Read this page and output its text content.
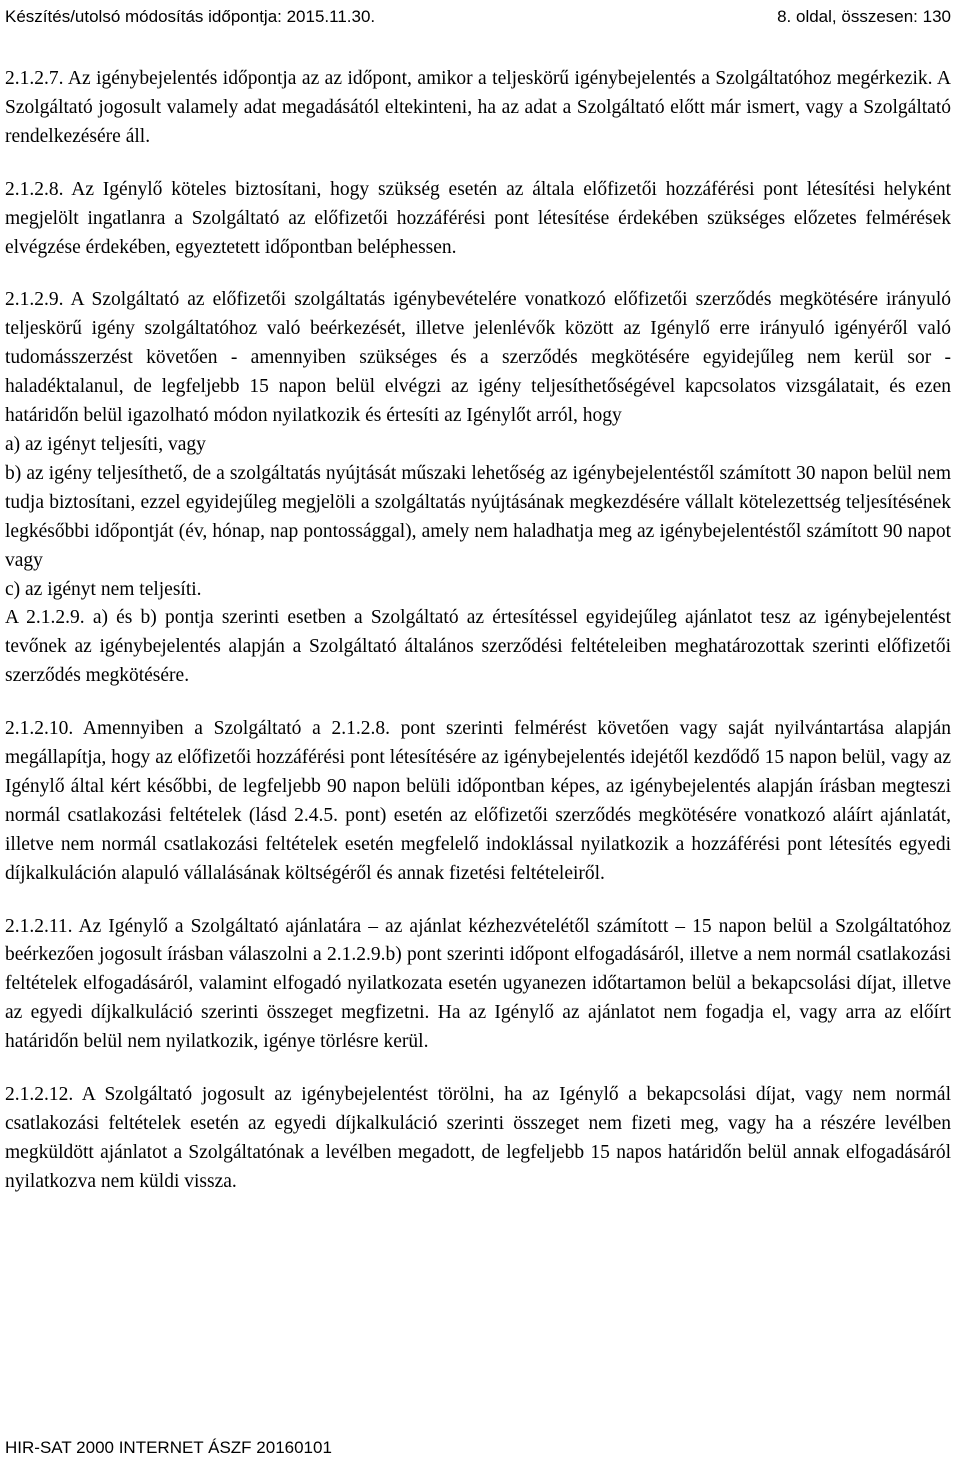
Készítés/utolsó módosítás időpontja: 2015.11.30.	8. oldal, összesen: 130

2.1.2.7. Az igénybejelentés időpontja az az időpont, amikor a teljeskörű igénybejelentés a Szolgáltatóhoz megérkezik. A Szolgáltató jogosult valamely adat megadásától eltekinteni, ha az adat a Szolgáltató előtt már ismert, vagy a Szolgáltató rendelkezésére áll.

2.1.2.8. Az Igénylő köteles biztosítani, hogy szükség esetén az általa előfizetői hozzáférési pont létesítési helyként megjelölt ingatlanra a Szolgáltató az előfizetői hozzáférési pont létesítése érdekében szükséges előzetes felmérések elvégzése érdekében, egyeztetett időpontban beléphessen.

2.1.2.9. A Szolgáltató az előfizetői szolgáltatás igénybevételére vonatkozó előfizetői szerződés megkötésére irányuló teljeskörű igény szolgáltatóhoz való beérkezését, illetve jelenlévők között az Igénylő erre irányuló igényéről való tudomásszerzést követően - amennyiben szükséges és a szerződés megkötésére egyidejűleg nem kerül sor - haladéktalanul, de legfeljebb 15 napon belül elvégzi az igény teljesíthetőségével kapcsolatos vizsgálatait, és ezen határidőn belül igazolható módon nyilatkozik és értesíti az Igénylőt arról, hogy

a) az igényt teljesíti, vagy

b) az igény teljesíthető, de a szolgáltatás nyújtását műszaki lehetőség az igénybejelentéstől számított 30 napon belül nem tudja biztosítani, ezzel egyidejűleg megjelöli a szolgáltatás nyújtásának megkezdésére vállalt kötelezettség teljesítésének legkésőbbi időpontját (év, hónap, nap pontossággal), amely nem haladhatja meg az igénybejelentéstől számított 90 napot vagy

c) az igényt nem teljesíti.

A 2.1.2.9. a) és b) pontja szerinti esetben a Szolgáltató az értesítéssel egyidejűleg ajánlatot tesz az igénybejelentést tevőnek az igénybejelentés alapján a Szolgáltató általános szerződési feltételeiben meghatározottak szerinti előfizetői szerződés megkötésére.

2.1.2.10. Amennyiben a Szolgáltató a 2.1.2.8. pont szerinti felmérést követően vagy saját nyilvántartása alapján megállapítja, hogy az előfizetői hozzáférési pont létesítésére az igénybejelentés idejétől kezdődő 15 napon belül, vagy az Igénylő által kért későbbi, de legfeljebb 90 napon belüli időpontban képes, az igénybejelentés alapján írásban megteszi normál csatlakozási feltételek (lásd 2.4.5. pont) esetén az előfizetői szerződés megkötésére vonatkozó aláírt ajánlatát, illetve nem normál csatlakozási feltételek esetén megfelelő indoklással nyilatkozik a hozzáférési pont létesítés egyedi díjkalkuláción alapuló vállalásának költségéről és annak fizetési feltételeiről.

2.1.2.11. Az Igénylő a Szolgáltató ajánlatára – az ajánlat kézhezvételétől számított – 15 napon belül a Szolgáltatóhoz beérkezően jogosult írásban válaszolni a 2.1.2.9.b) pont szerinti időpont elfogadásáról, illetve a nem normál csatlakozási feltételek elfogadásáról, valamint elfogadó nyilatkozata esetén ugyanezen időtartamon belül a bekapcsolási díjat, illetve az egyedi díjkalkuláció szerinti összeget megfizetni. Ha az Igénylő az ajánlatot nem fogadja el, vagy arra az előírt határidőn belül nem nyilatkozik, igénye törlésre kerül.

2.1.2.12. A Szolgáltató jogosult az igénybejelentést törölni, ha az Igénylő a bekapcsolási díjat, vagy nem normál csatlakozási feltételek esetén az egyedi díjkalkuláció szerinti összeget nem fizeti meg, vagy ha a részére levélben megküldött ajánlatot a Szolgáltatónak a levélben megadott, de legfeljebb 15 napos határidőn belül annak elfogadásáról nyilatkozva nem küldi vissza.

HIR-SAT 2000 INTERNET ÁSZF 20160101
